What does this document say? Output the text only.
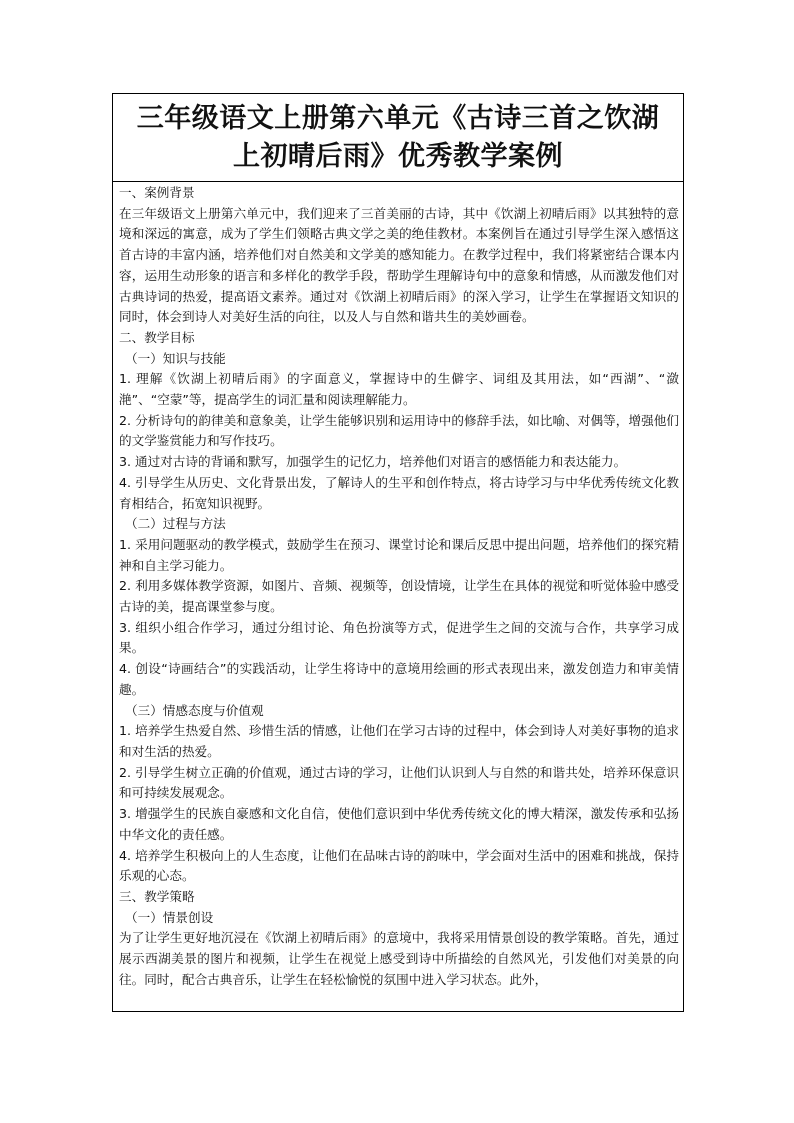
三年级语文上册第六单元《古诗三首之饮湖
上初晴后雨》优秀教学案例

一、案例背景

在三年级语文上册第六单元中，我们迎来了三首美丽的古诗，其中《饮湖上初晴后雨》以其独特的意境和深远的寓意，成为了学生们领略古典文学之美的绝佳教材。本案例旨在通过引导学生深入感悟这首古诗的丰富内涵，培养他们对自然美和文学美的感知能力。在教学过程中，我们将紧密结合课本内容，运用生动形象的语言和多样化的教学手段，帮助学生理解诗句中的意象和情感，从而激发他们对古典诗词的热爱，提高语文素养。通过对《饮湖上初晴后雨》的深入学习，让学生在掌握语文知识的同时，体会到诗人对美好生活的向往，以及人与自然和谐共生的美妙画卷。

二、教学目标

（一）知识与技能

1. 理解《饮湖上初晴后雨》的字面意义，掌握诗中的生僻字、词组及其用法，如“西湖”、“潋滟”、“空蒙”等，提高学生的词汇量和阅读理解能力。

2. 分析诗句的韵律美和意象美，让学生能够识别和运用诗中的修辞手法，如比喻、对偶等，增强他们的文学鉴赏能力和写作技巧。

3. 通过对古诗的背诵和默写，加强学生的记忆力，培养他们对语言的感悟能力和表达能力。

4. 引导学生从历史、文化背景出发，了解诗人的生平和创作特点，将古诗学习与中华优秀传统文化教育相结合，拓宽知识视野。

（二）过程与方法

1. 采用问题驱动的教学模式，鼓励学生在预习、课堂讨论和课后反思中提出问题，培养他们的探究精神和自主学习能力。

2. 利用多媒体教学资源，如图片、音频、视频等，创设情境，让学生在具体的视觉和听觉体验中感受古诗的美，提高课堂参与度。

3. 组织小组合作学习，通过分组讨论、角色扮演等方式，促进学生之间的交流与合作，共享学习成果。

4. 创设“诗画结合”的实践活动，让学生将诗中的意境用绘画的形式表现出来，激发创造力和审美情趣。

（三）情感态度与价值观

1. 培养学生热爱自然、珍惜生活的情感，让他们在学习古诗的过程中，体会到诗人对美好事物的追求和对生活的热爱。

2. 引导学生树立正确的价值观，通过古诗的学习，让他们认识到人与自然的和谐共处，培养环保意识和可持续发展观念。

3. 增强学生的民族自豪感和文化自信，使他们意识到中华优秀传统文化的博大精深，激发传承和弘扬中华文化的责任感。

4. 培养学生积极向上的人生态度，让他们在品味古诗的韵味中，学会面对生活中的困难和挑战，保持乐观的心态。

三、教学策略

（一）情景创设

为了让学生更好地沉浸在《饮湖上初晴后雨》的意境中，我将采用情景创设的教学策略。首先，通过展示西湖美景的图片和视频，让学生在视觉上感受到诗中所描绘的自然风光，引发他们对美景的向往。同时，配合古典音乐，让学生在轻松愉悦的氛围中进入学习状态。此外，
